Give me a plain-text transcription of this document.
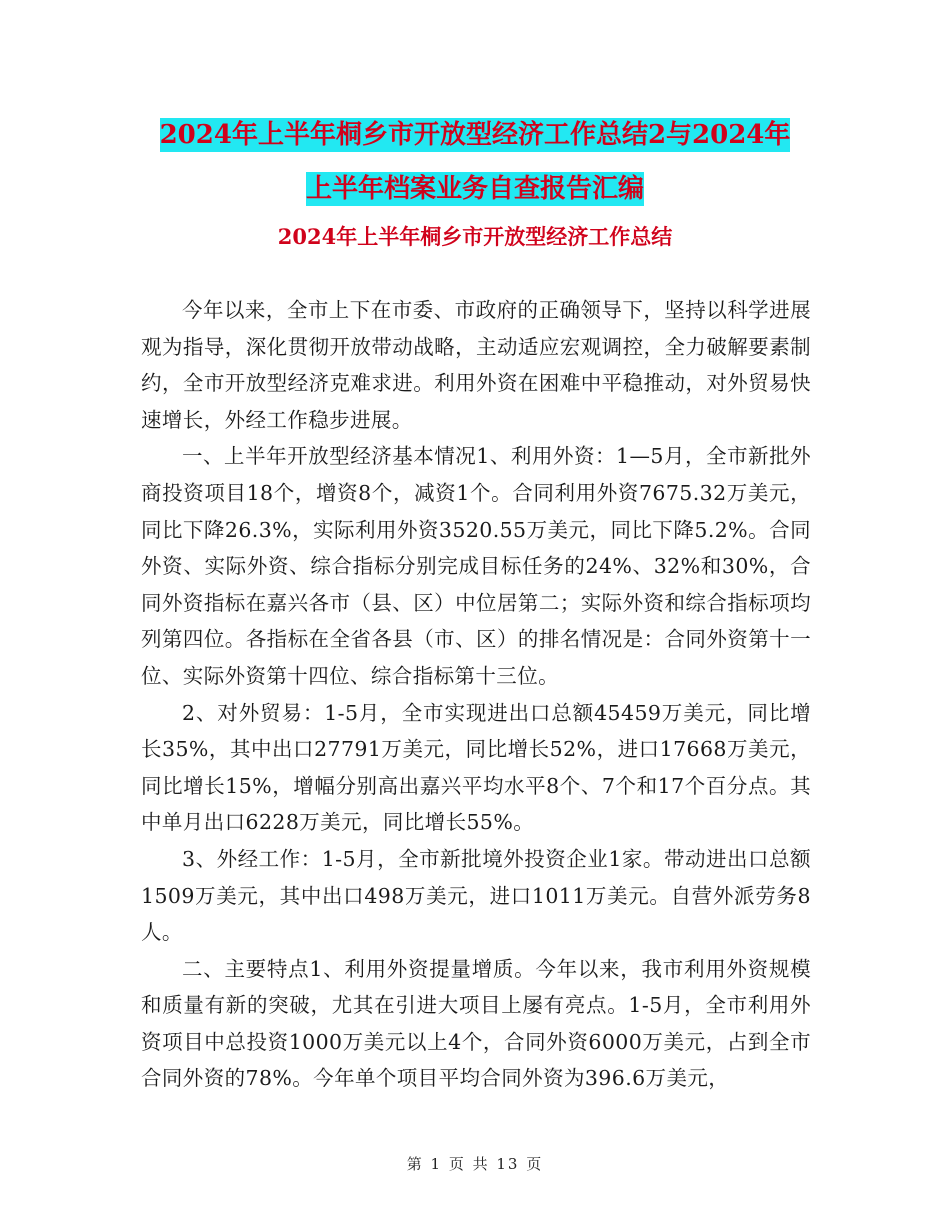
2024年上半年桐乡市开放型经济工作总结2与2024年
上半年档案业务自查报告汇编
2024年上半年桐乡市开放型经济工作总结

今年以来，全市上下在市委、市政府的正确领导下，坚持以科学进展观为指导，深化贯彻开放带动战略，主动适应宏观调控，全力破解要素制约，全市开放型经济克难求进。利用外资在困难中平稳推动，对外贸易快速增长，外经工作稳步进展。

一、上半年开放型经济基本情况1、利用外资：1—5月，全市新批外商投资项目18个，增资8个，减资1个。合同利用外资7675.32万美元，同比下降26.3%，实际利用外资3520.55万美元，同比下降5.2%。合同外资、实际外资、综合指标分别完成目标任务的24%、32%和30%，合同外资指标在嘉兴各市（县、区）中位居第二；实际外资和综合指标项均列第四位。各指标在全省各县（市、区）的排名情况是：合同外资第十一位、实际外资第十四位、综合指标第十三位。

2、对外贸易：1-5月，全市实现进出口总额45459万美元，同比增长35%，其中出口27791万美元，同比增长52%，进口17668万美元，同比增长15%，增幅分别高出嘉兴平均水平8个、7个和17个百分点。其中单月出口6228万美元，同比增长55%。

3、外经工作：1-5月，全市新批境外投资企业1家。带动进出口总额1509万美元，其中出口498万美元，进口1011万美元。自营外派劳务8人。

二、主要特点1、利用外资提量增质。今年以来，我市利用外资规模和质量有新的突破，尤其在引进大项目上屡有亮点。1-5月，全市利用外资项目中总投资1000万美元以上4个，合同外资6000万美元，占到全市合同外资的78%。今年单个项目平均合同外资为396.6万美元，

第 1 页 共 13 页
